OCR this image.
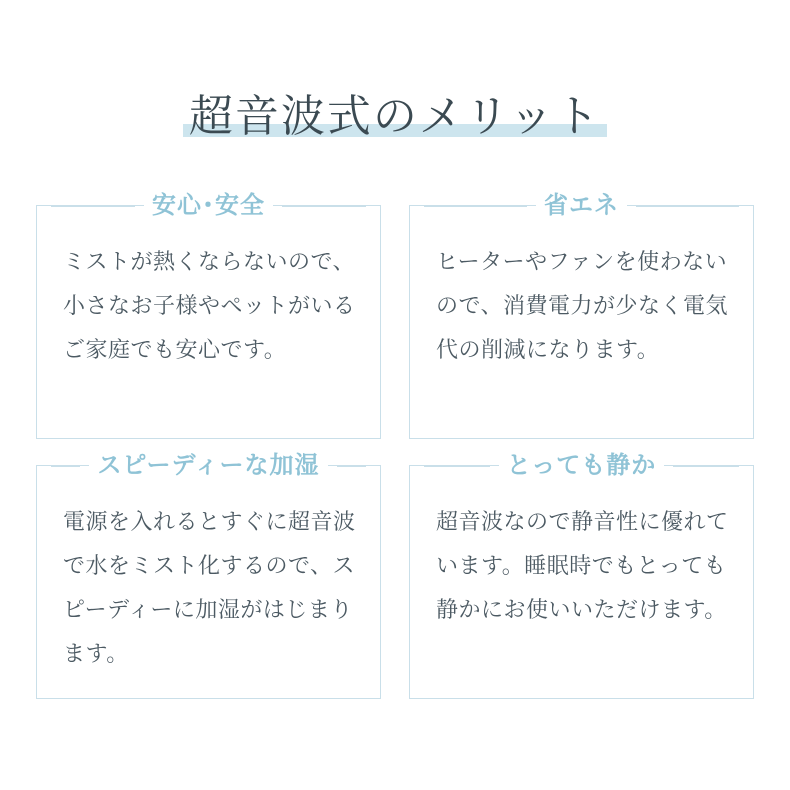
超音波式のメリット
安心･安全

ミストが熱くならないので、小さなお子様やペットがいるご家庭でも安心です。

省エネ

ヒーターやファンを使わないので、消費電力が少なく電気代の削減になります。

スピーディーな加湿

電源を入れるとすぐに超音波で水をミスト化するので、スピーディーに加湿がはじまります。

とっても静か

超音波なので静音性に優れています。睡眠時でもとっても静かにお使いいただけます。
